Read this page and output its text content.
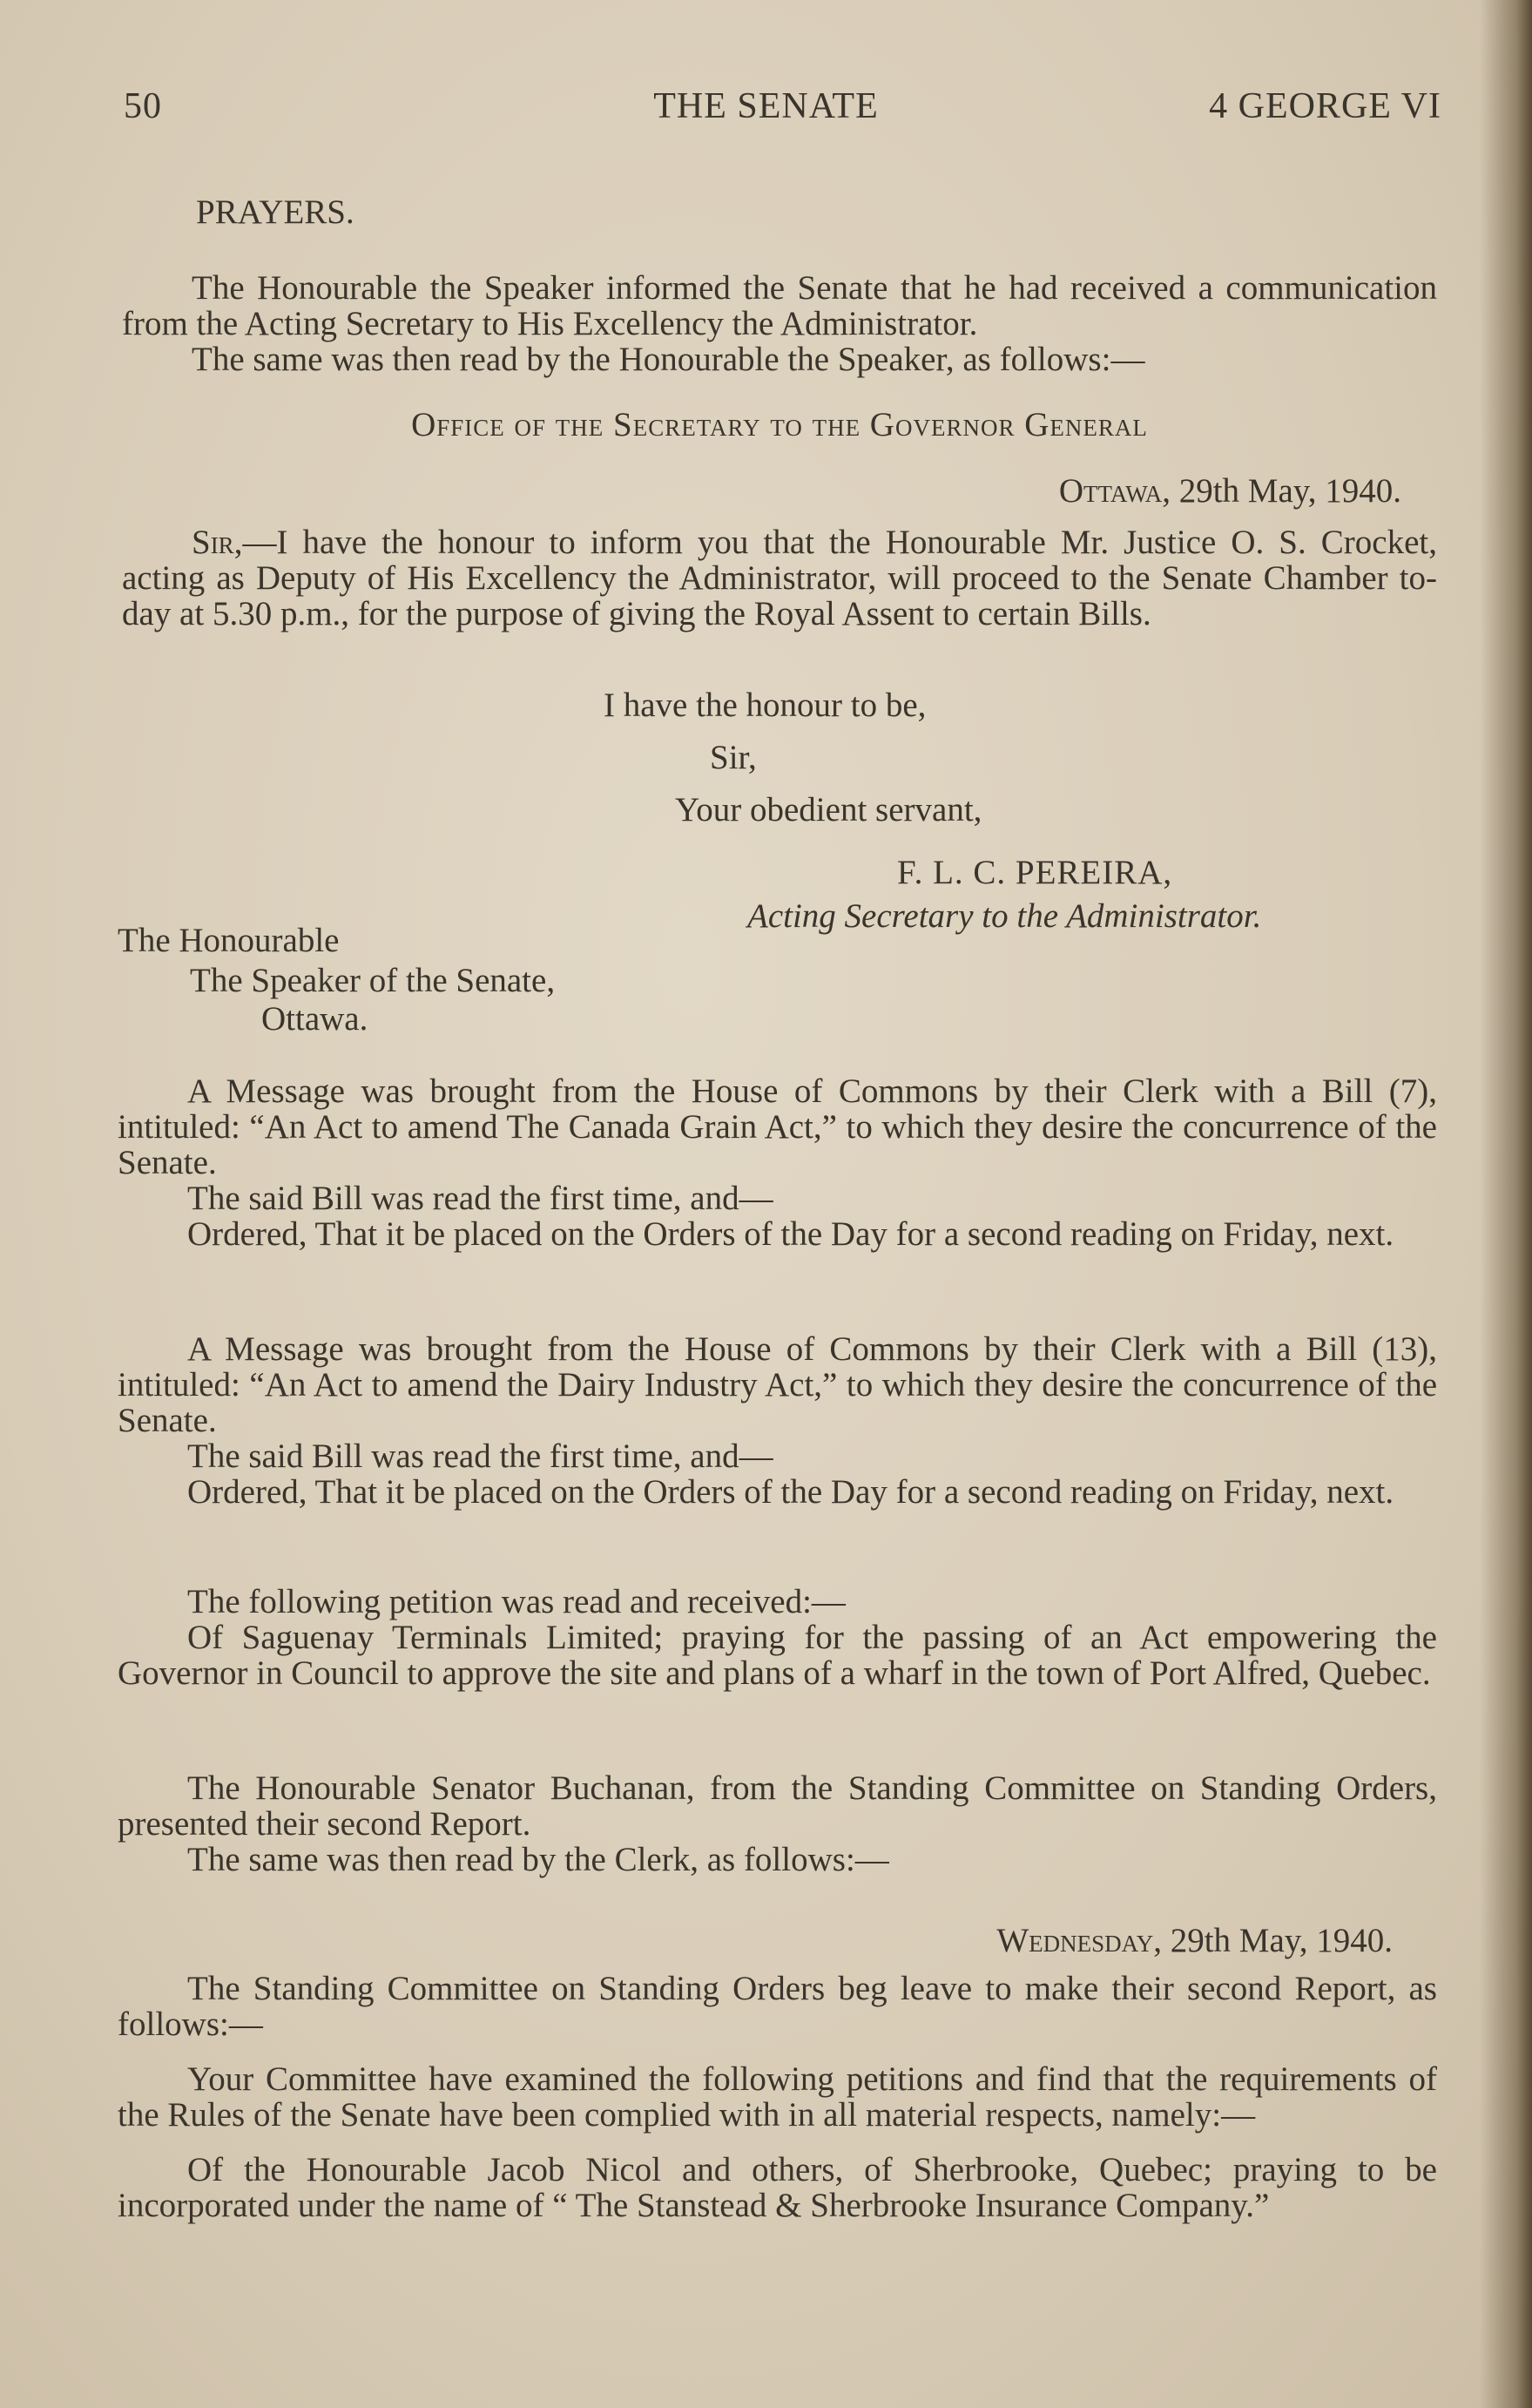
50	THE SENATE	4 GEORGE VI
PRAYERS.

The Honourable the Speaker informed the Senate that he had received a communication from the Acting Secretary to His Excellency the Administrator.

The same was then read by the Honourable the Speaker, as follows:—

Office of the Secretary to the Governor General
Ottawa, 29th May, 1940.

Sir,—I have the honour to inform you that the Honourable Mr. Justice O. S. Crocket, acting as Deputy of His Excellency the Administrator, will proceed to the Senate Chamber to-day at 5.30 p.m., for the purpose of giving the Royal Assent to certain Bills.

I have the honour to be,
Sir,
Your obedient servant,
F. L. C. PEREIRA,
Acting Secretary to the Administrator.
The Honourable
The Speaker of the Senate,
Ottawa.

A Message was brought from the House of Commons by their Clerk with a Bill (7), intituled: “An Act to amend The Canada Grain Act,” to which they desire the concurrence of the Senate.

The said Bill was read the first time, and—

Ordered, That it be placed on the Orders of the Day for a second reading on Friday, next.

A Message was brought from the House of Commons by their Clerk with a Bill (13), intituled: “An Act to amend the Dairy Industry Act,” to which they desire the concurrence of the Senate.

The said Bill was read the first time, and—

Ordered, That it be placed on the Orders of the Day for a second reading on Friday, next.

The following petition was read and received:—

Of Saguenay Terminals Limited; praying for the passing of an Act empowering the Governor in Council to approve the site and plans of a wharf in the town of Port Alfred, Quebec.

The Honourable Senator Buchanan, from the Standing Committee on Standing Orders, presented their second Report.

The same was then read by the Clerk, as follows:—

Wednesday, 29th May, 1940.

The Standing Committee on Standing Orders beg leave to make their second Report, as follows:—

Your Committee have examined the following petitions and find that the requirements of the Rules of the Senate have been complied with in all material respects, namely:—

Of the Honourable Jacob Nicol and others, of Sherbrooke, Quebec; praying to be incorporated under the name of “ The Stanstead & Sherbrooke Insurance Company.”
